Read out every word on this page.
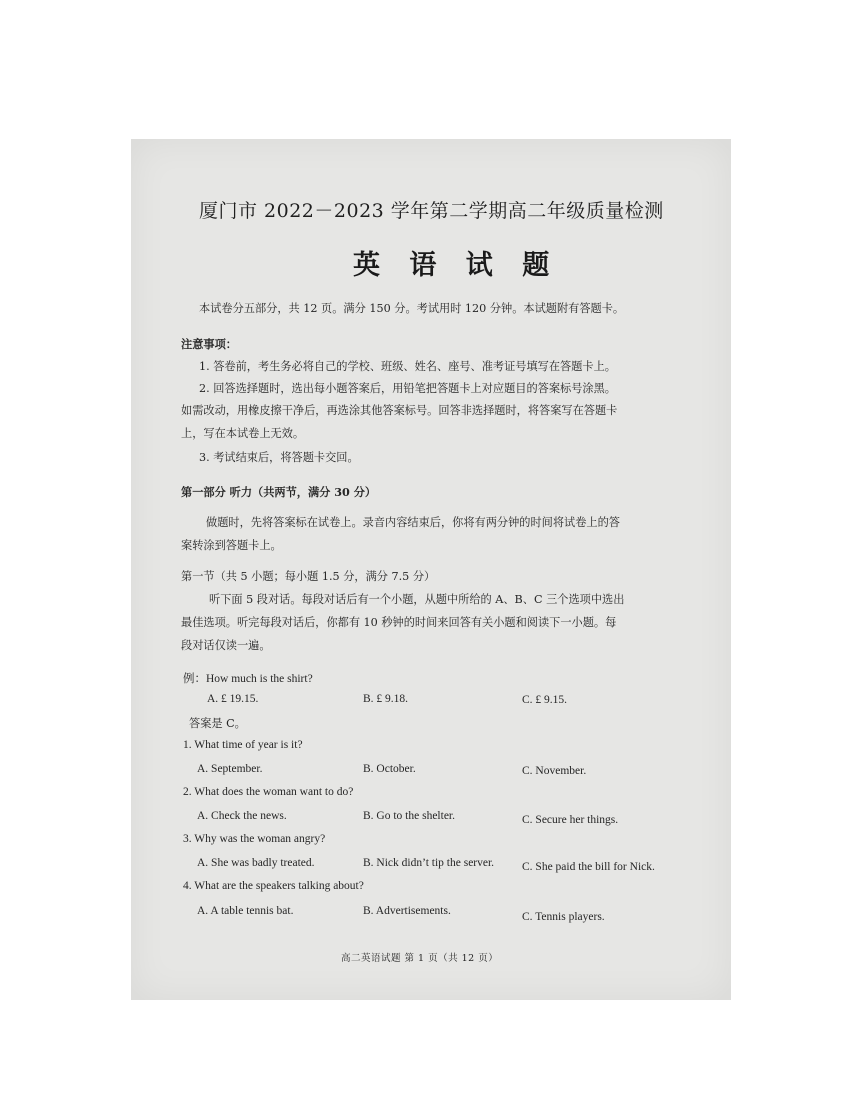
厦门市 2022－2023 学年第二学期高二年级质量检测
英 语 试 题
本试卷分五部分，共 12 页。满分 150 分。考试用时 120 分钟。本试题附有答题卡。
注意事项：
1. 答卷前，考生务必将自己的学校、班级、姓名、座号、准考证号填写在答题卡上。
2. 回答选择题时，选出每小题答案后，用铅笔把答题卡上对应题目的答案标号涂黑。
如需改动，用橡皮擦干净后，再选涂其他答案标号。回答非选择题时，将答案写在答题卡
上，写在本试卷上无效。
3. 考试结束后，将答题卡交回。
第一部分 听力（共两节，满分 30 分）
做题时，先将答案标在试卷上。录音内容结束后，你将有两分钟的时间将试卷上的答
案转涂到答题卡上。
第一节（共 5 小题；每小题 1.5 分，满分 7.5 分）
听下面 5 段对话。每段对话后有一个小题，从题中所给的 A、B、C 三个选项中选出
最佳选项。听完每段对话后，你都有 10 秒钟的时间来回答有关小题和阅读下一小题。每
段对话仅读一遍。
例：How much is the shirt?
A. £ 19.15.	B. £ 9.18.	C. £ 9.15.
答案是 C。
1. What time of year is it?
A. September.	B. October.	C. November.
2. What does the woman want to do?
A. Check the news.	B. Go to the shelter.	C. Secure her things.
3. Why was the woman angry?
A. She was badly treated.	B. Nick didn’t tip the server. C. She paid the bill for Nick.
4. What are the speakers talking about?
A. A table tennis bat.	B. Advertisements.	C. Tennis players.
高二英语试题 第 1 页（共 12 页）
